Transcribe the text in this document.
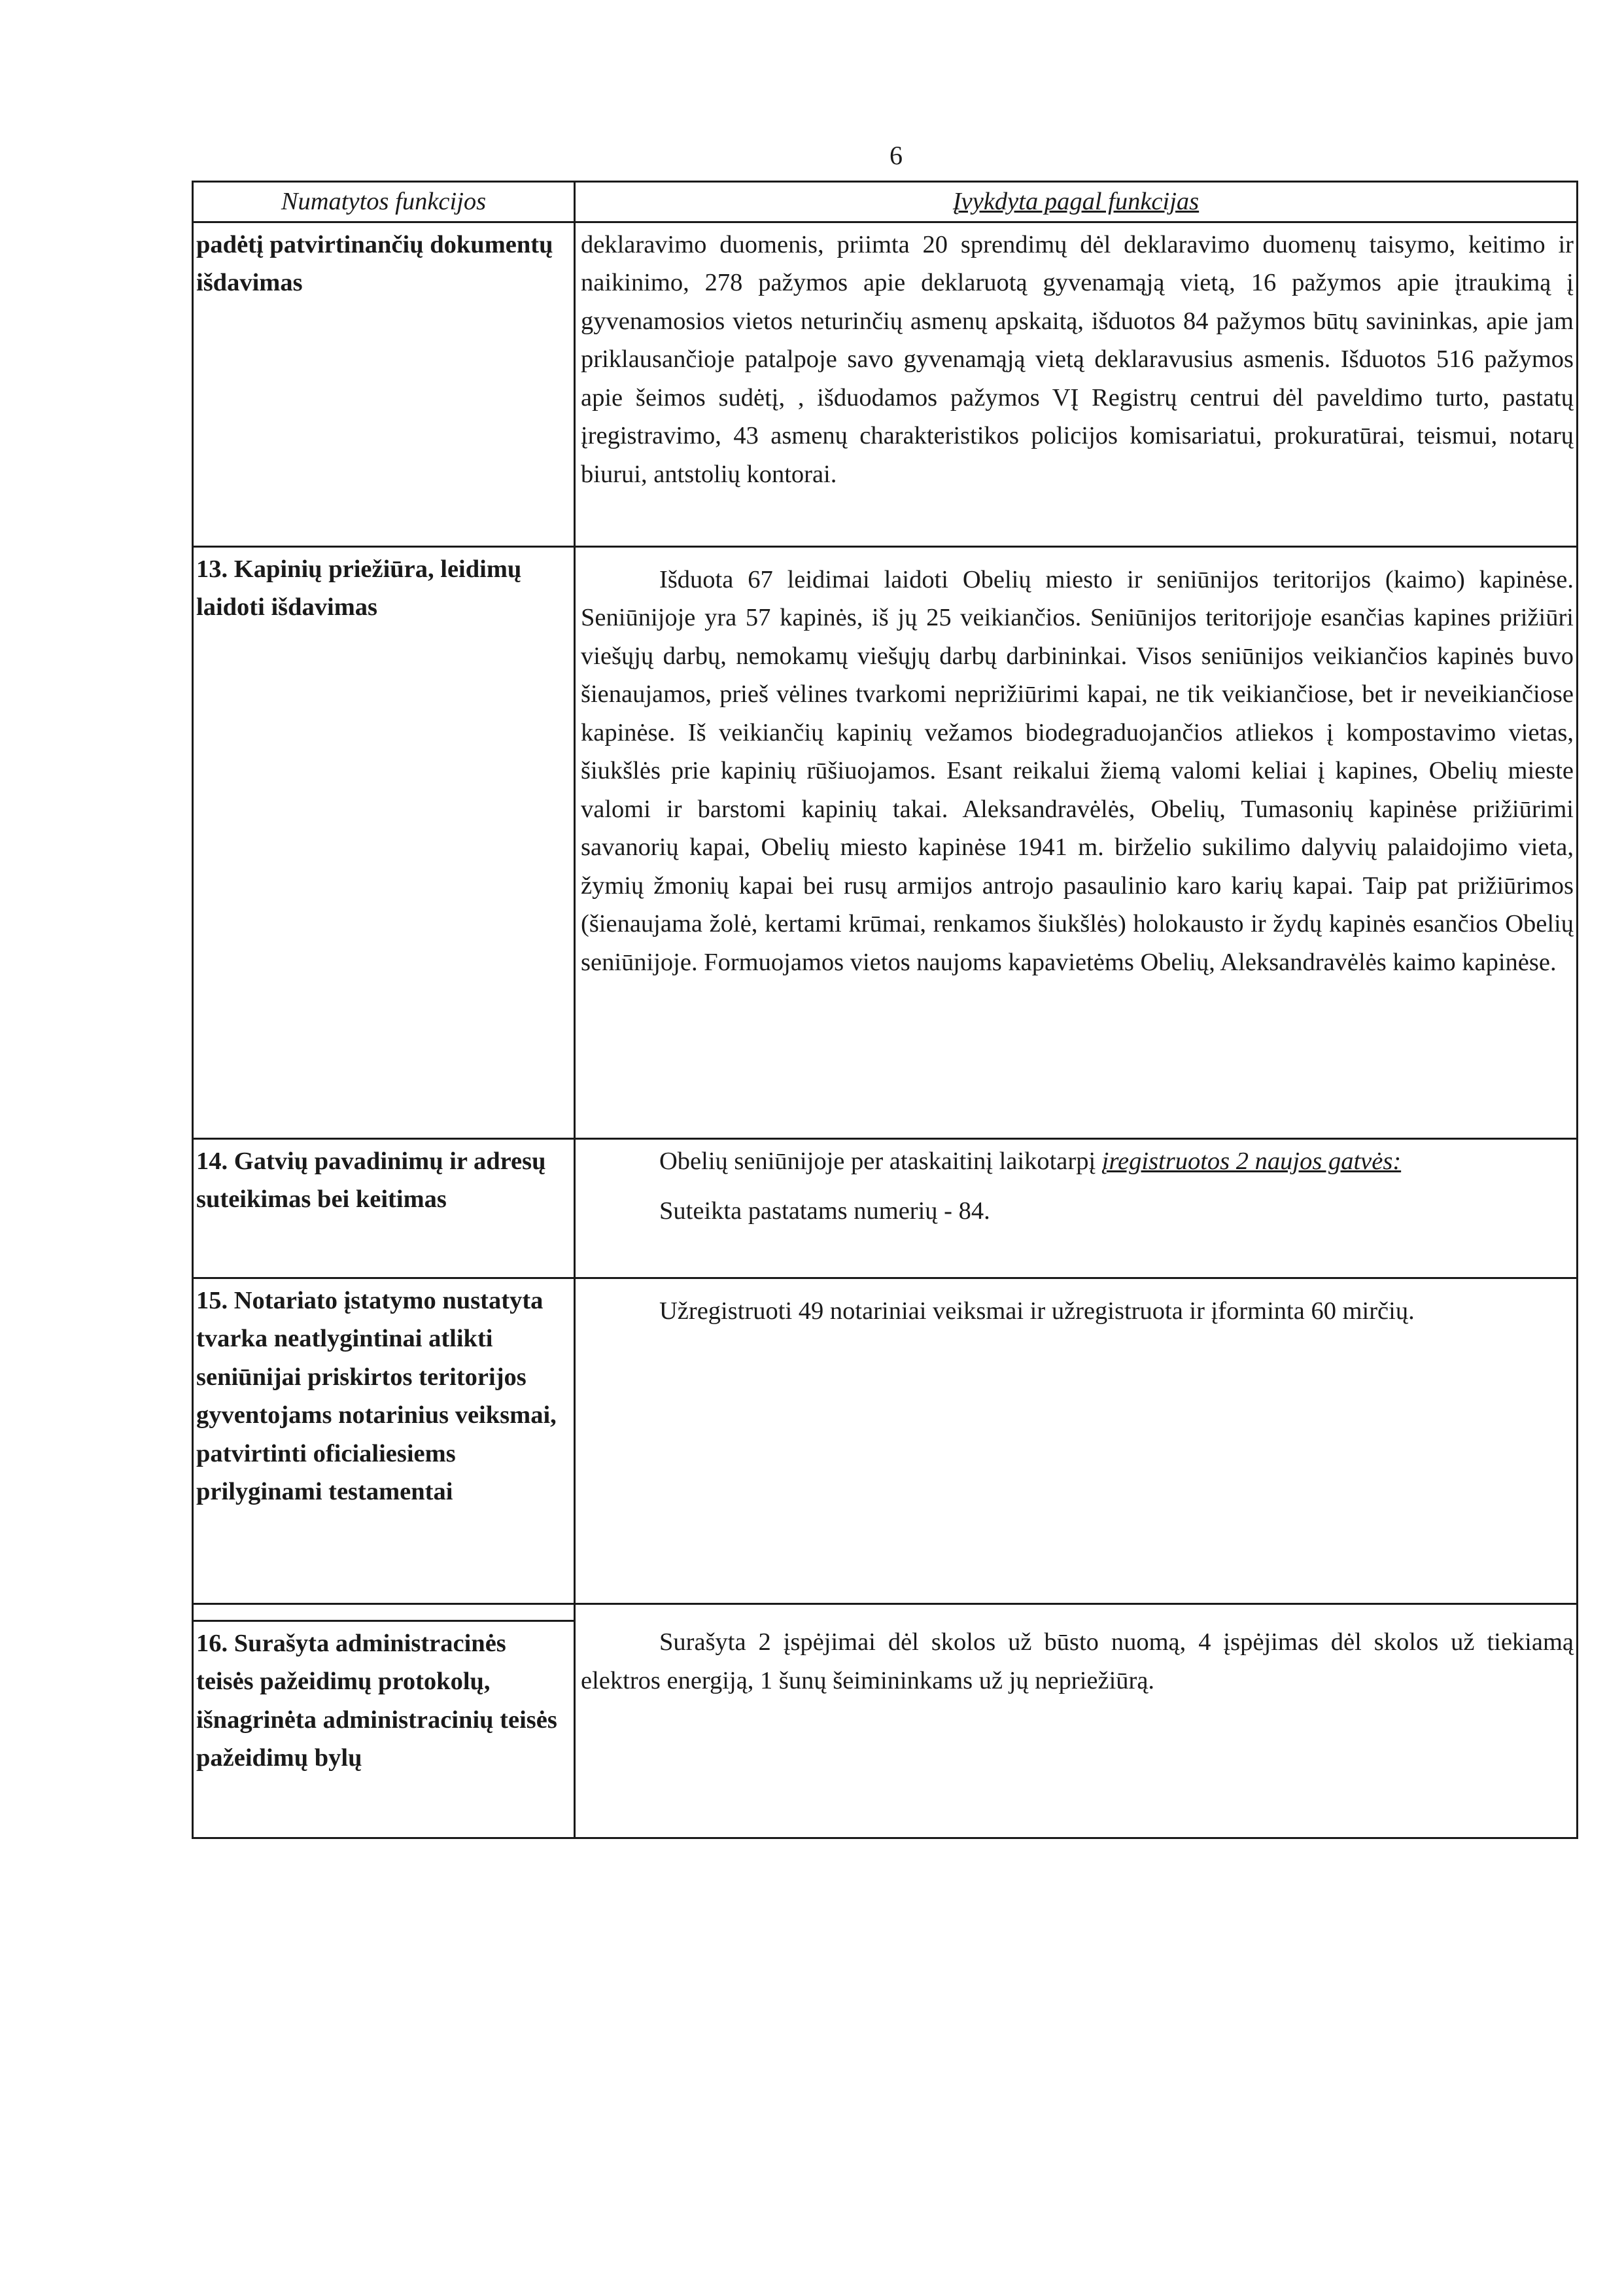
6
Numatytos funkcijos	Įvykdyta pagal funkcijas
padėtį patvirtinančių dokumentų išdavimas	deklaravimo duomenis, priimta 20 sprendimų dėl deklaravimo duomenų taisymo, keitimo ir naikinimo, 278 pažymos apie deklaruotą gyvenamąją vietą, 16 pažymos apie įtraukimą į gyvenamosios vietos neturinčių asmenų apskaitą, išduotos 84 pažymos būtų savininkas, apie jam priklausančioje patalpoje savo gyvenamąją vietą deklaravusius asmenis. Išduotos 516 pažymos apie šeimos sudėtį, , išduodamos pažymos VĮ Registrų centrui dėl paveldimo turto, pastatų įregistravimo, 43 asmenų charakteristikos policijos komisariatui, prokuratūrai, teismui, notarų biurui, antstolių kontorai.
13. Kapinių priežiūra, leidimų laidoti išdavimas	Išduota 67 leidimai laidoti Obelių miesto ir seniūnijos teritorijos (kaimo) kapinėse. Seniūnijoje yra 57 kapinės, iš jų 25 veikiančios. Seniūnijos teritorijoje esančias kapines prižiūri viešųjų darbų, nemokamų viešųjų darbų darbininkai. Visos seniūnijos veikiančios kapinės buvo šienaujamos, prieš vėlines tvarkomi neprižiūrimi kapai, ne tik veikiančiose, bet ir neveikiančiose kapinėse. Iš veikiančių kapinių vežamos biodegraduojančios atliekos į kompostavimo vietas, šiukšlės prie kapinių rūšiuojamos. Esant reikalui žiemą valomi keliai į kapines, Obelių mieste valomi ir barstomi kapinių takai. Aleksandravėlės, Obelių, Tumasonių kapinėse prižiūrimi savanorių kapai, Obelių miesto kapinėse 1941 m. birželio sukilimo dalyvių palaidojimo vieta, žymių žmonių kapai bei rusų armijos antrojo pasaulinio karo karių kapai. Taip pat prižiūrimos (šienaujama žolė, kertami krūmai, renkamos šiukšlės) holokausto ir žydų kapinės esančios Obelių seniūnijoje. Formuojamos vietos naujoms kapavietėms Obelių, Aleksandravėlės kaimo kapinėse.

14. Gatvių pavadinimų ir adresų suteikimas bei keitimas	Obelių seniūnijoje per ataskaitinį laikotarpį įregistruotos 2 naujos gatvės:
Suteikta pastatams numerių - 84.

15. Notariato įstatymo nustatyta tvarka neatlygintinai atlikti seniūnijai priskirtos teritorijos gyventojams notarinius veiksmai, patvirtinti oficialiesiems prilyginami testamentai	Užregistruoti 49 notariniai veiksmai ir užregistruota ir įforminta 60 mirčių.

16. Surašyta administracinės teisės pažeidimų protokolų, išnagrinėta administracinių teisės pažeidimų bylų	Surašyta 2 įspėjimai dėl skolos už būsto nuomą, 4 įspėjimas dėl skolos už tiekiamą elektros energiją, 1 šunų šeimininkams už jų nepriežiūrą.
